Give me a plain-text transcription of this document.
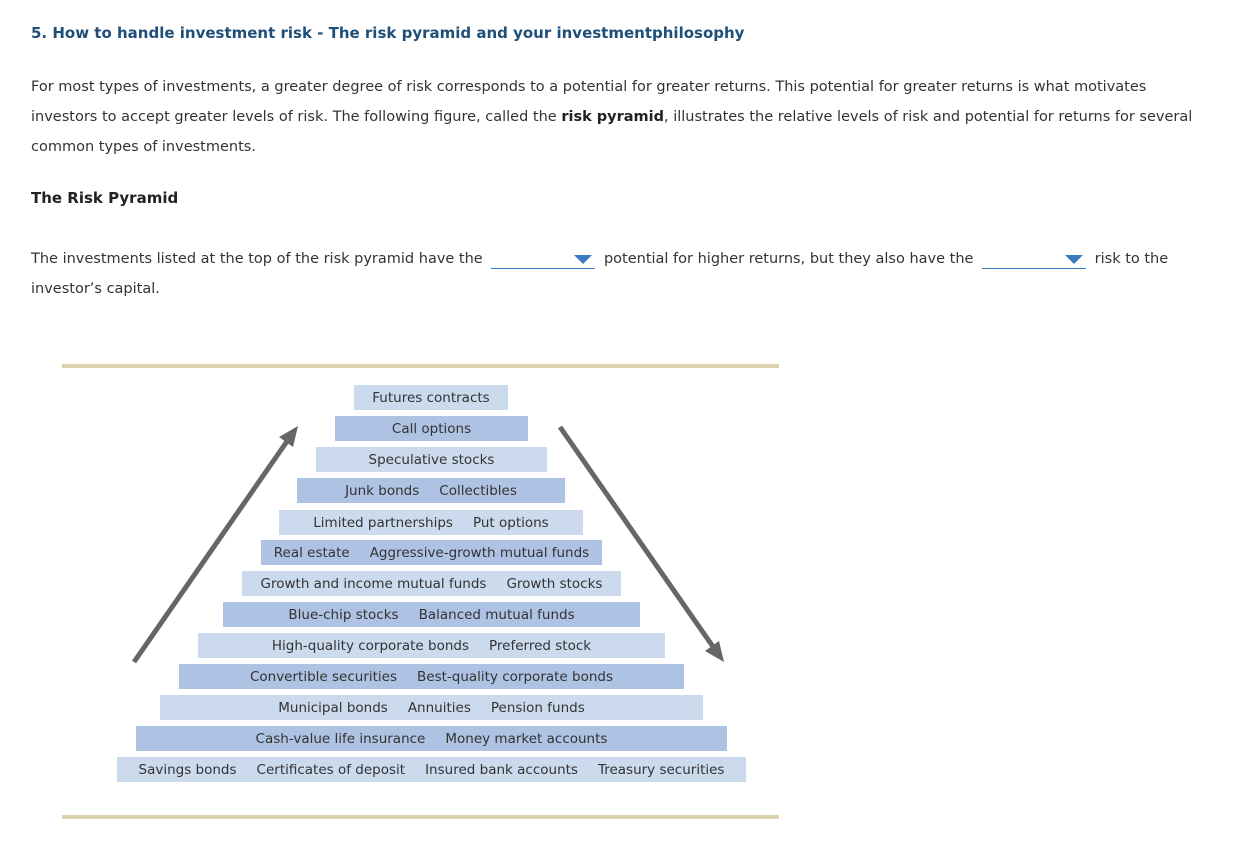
5. How to handle investment risk - The risk pyramid and your investmentphilosophy

For most types of investments, a greater degree of risk corresponds to a potential for greater returns. This potential for greater returns is what motivates investors to accept greater levels of risk. The following figure, called the risk pyramid, illustrates the relative levels of risk and potential for returns for several common types of investments.

The Risk Pyramid

The investments listed at the top of the risk pyramid have the	potential for higher returns, but they also have the	risk to the investor’s capital.

Futures contracts
Call options
Speculative stocks
Junk bonds Collectibles
Limited partnerships Put options
Real estate Aggressive-growth mutual funds
Growth and income mutual funds Growth stocks
Blue-chip stocks Balanced mutual funds
High-quality corporate bonds Preferred stock
Convertible securities Best-quality corporate bonds
Municipal bonds Annuities Pension funds
Cash-value life insurance Money market accounts
Savings bonds Certificates of deposit Insured bank accounts Treasury securities
